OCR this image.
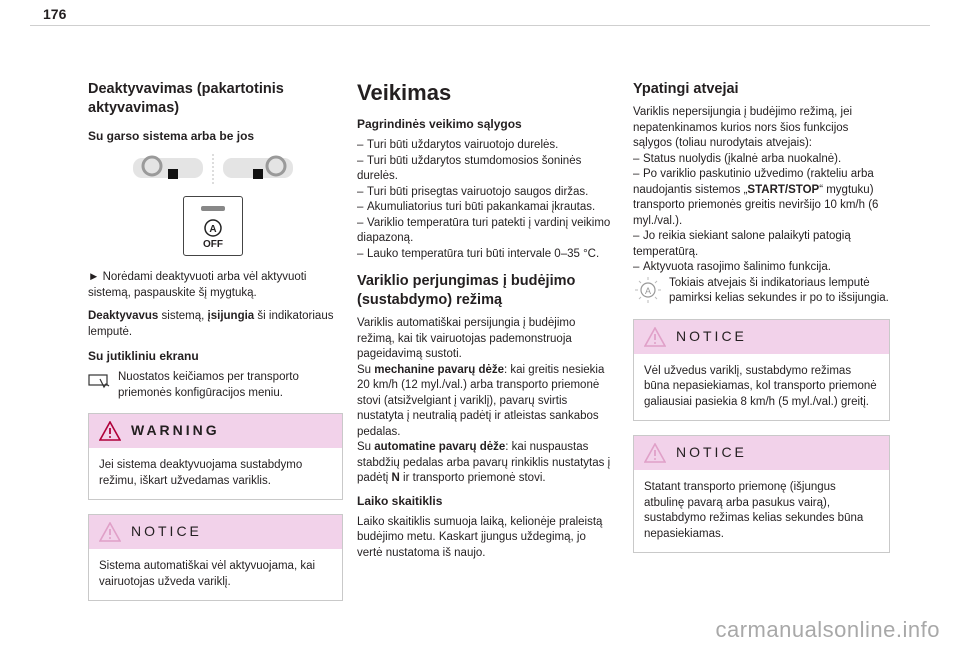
176
Deaktyvavimas (pakartotinis aktyvavimas)
Su garso sistema arba be jos
A
OFF

► Norėdami deaktyvuoti arba vėl aktyvuoti sistemą, paspauskite šį mygtuką.

Deaktyvavus sistemą, įsijungia ši indikatoriaus lemputė.

Su jutikliniu ekranu
Nuostatos keičiamos per transporto priemonės konfigūracijos meniu.
WARNING
Jei sistema deaktyvuojama sustabdymo režimu, iškart užvedamas variklis.
NOTICE
Sistema automatiškai vėl aktyvuojama, kai vairuotojas užveda variklį.
Veikimas
Pagrindinės veikimo sąlygos
– Turi būti uždarytos vairuotojo durelės.
– Turi būti uždarytos stumdomosios šoninės durelės.
– Turi būti prisegtas vairuotojo saugos diržas.
– Akumuliatorius turi būti pakankamai įkrautas.
– Variklio temperatūra turi patekti į vardinį veikimo diapazoną.
– Lauko temperatūra turi būti intervale 0–35 °C.
Variklio perjungimas į budėjimo (sustabdymo) režimą

Variklis automatiškai persijungia į budėjimo režimą, kai tik vairuotojas pademonstruoja pageidavimą sustoti.

Su mechanine pavarų dėže: kai greitis nesiekia 20 km/h (12 myl./val.) arba transporto priemonė stovi (atsižvelgiant į variklį), pavarų svirtis nustatyta į neutralią padėtį ir atleistas sankabos pedalas.

Su automatine pavarų dėže: kai nuspaustas stabdžių pedalas arba pavarų rinkiklis nustatytas į padėtį N ir transporto priemonė stovi.

Laiko skaitiklis

Laiko skaitiklis sumuoja laiką, kelionėje praleistą budėjimo metu. Kaskart įjungus uždegimą, jo vertė nustatoma iš naujo.

Ypatingi atvejai

Variklis nepersijungia į budėjimo režimą, jei nepatenkinamos kurios nors šios funkcijos sąlygos (toliau nurodytais atvejais):

– Status nuolydis (įkalnė arba nuokalnė).
– Po variklio paskutinio užvedimo (rakteliu arba naudojantis sistemos „START/STOP“ mygtuku) transporto priemonės greitis neviršijo 10 km/h (6 myl./val.).
– Jo reikia siekiant salone palaikyti patogią temperatūrą.
– Aktyvuota rasojimo šalinimo funkcija.
A
Tokiais atvejais ši indikatoriaus lemputė pamirksi kelias sekundes ir po to išsijungia.
NOTICE
Vėl užvedus variklį, sustabdymo režimas būna nepasiekiamas, kol transporto priemonė galiausiai pasiekia 8 km/h (5 myl./val.) greitį.
NOTICE
Statant transporto priemonę (išjungus atbulinę pavarą arba pasukus vairą), sustabdymo režimas kelias sekundes būna nepasiekiamas.
carmanualsonline.info
